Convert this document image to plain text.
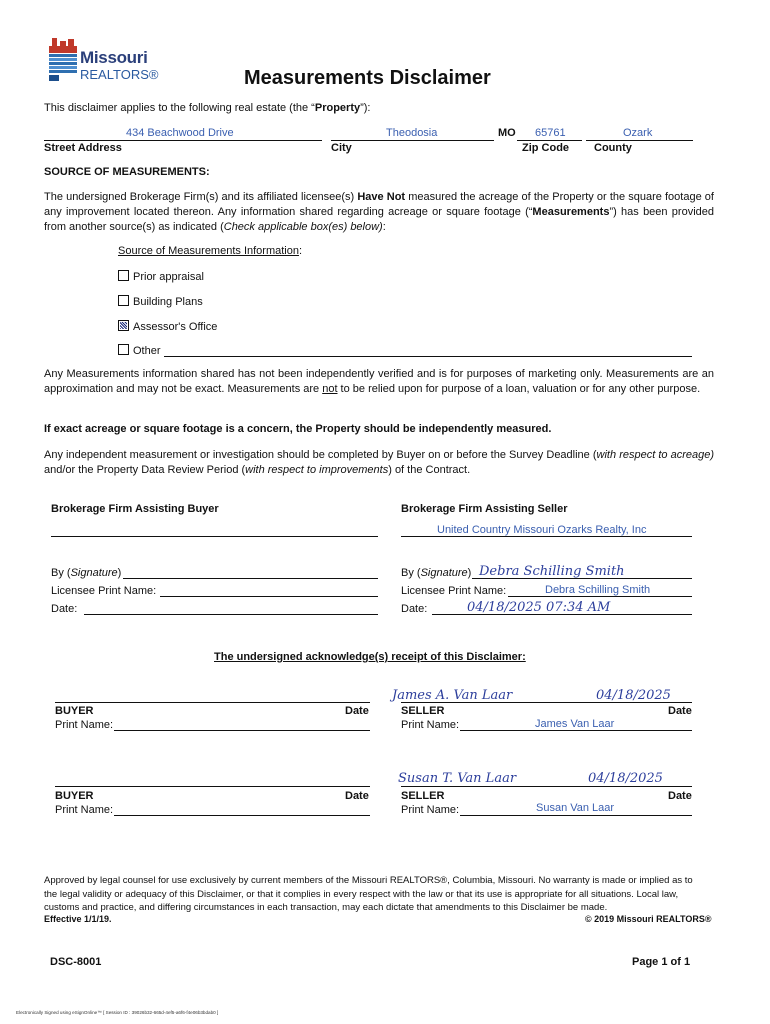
Missouri
REALTORS®	Measurements Disclaimer
This disclaimer applies to the following real estate (the “Property”):
434 Beachwood Drive	Theodosia	MO 65761	Ozark
Street Address	City	Zip Code County
SOURCE OF MEASUREMENTS:
The undersigned Brokerage Firm(s) and its affiliated licensee(s) Have Not measured the acreage of the Property or the square footage of any improvement located thereon. Any information shared regarding acreage or square footage (“Measurements”) has been provided from another source(s) as indicated (Check applicable box(es) below):
Source of Measurements Information:
Prior appraisal
Building Plans
Assessor's Office
Other
Any Measurements information shared has not been independently verified and is for purposes of marketing only. Measurements are an approximation and may not be exact. Measurements are not to be relied upon for purpose of a loan, valuation or for any other purpose.
If exact acreage or square footage is a concern, the Property should be independently measured.
Any independent measurement or investigation should be completed by Buyer on or before the Survey Deadline (with respect to acreage) and/or the Property Data Review Period (with respect to improvements) of the Contract.
Brokerage Firm Assisting Buyer	Brokerage Firm Assisting Seller
United Country Missouri Ozarks Realty, Inc
By (Signature)	By (Signature) Debra Schilling Smith
Licensee Print Name:	Licensee Print Name:	Debra Schilling Smith
Date:	Date:	04/18/2025 07:34 AM
The undersigned acknowledge(s) receipt of this Disclaimer:
BUYER	Date
Print Name:
James A. Van Laar	04/18/2025
SELLER	Date
Print Name:	James Van Laar
BUYER	Date
Print Name:
Susan T. Van Laar	04/18/2025
SELLER	Date
Print Name:	Susan Van Laar
Approved by legal counsel for use exclusively by current members of the Missouri REALTORS®, Columbia, Missouri. No warranty is made or implied as to the legal validity or adequacy of this Disclaimer, or that it complies in every respect with the law or that its use is appropriate for all situations. Local law, customs and practice, and differing circumstances in each transaction, may each dictate that amendments to this Disclaimer be made.
Effective 1/1/19.	© 2019 Missouri REALTORS®
DSC-8001	Page 1 of 1
Electronically Signed using eSignOnline™ [ Session ID : 39026b32-665d-4ef5-a6f6-f4e06b3bdab0 ]
